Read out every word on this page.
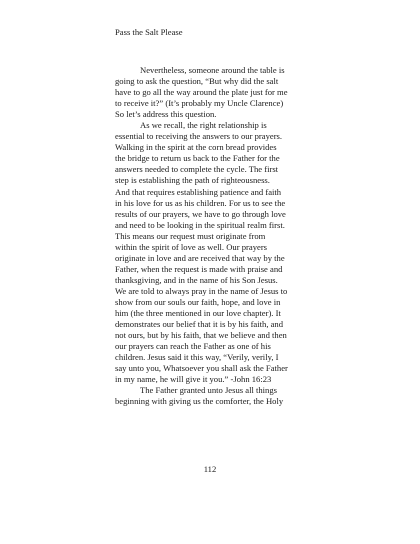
Pass the Salt Please
Nevertheless, someone around the table is
going to ask the question, “But why did the salt
have to go all the way around the plate just for me
to receive it?” (It’s probably my Uncle Clarence)
So let’s address this question.
As we recall, the right relationship is
essential to receiving the answers to our prayers.
Walking in the spirit at the corn bread provides
the bridge to return us back to the Father for the
answers needed to complete the cycle. The first
step is establishing the path of righteousness.
And that requires establishing patience and faith
in his love for us as his children. For us to see the
results of our prayers, we have to go through love
and need to be looking in the spiritual realm first.
This means our request must originate from
within the spirit of love as well. Our prayers
originate in love and are received that way by the
Father, when the request is made with praise and
thanksgiving, and in the name of his Son Jesus.
We are told to always pray in the name of Jesus to
show from our souls our faith, hope, and love in
him (the three mentioned in our love chapter). It
demonstrates our belief that it is by his faith, and
not ours, but by his faith, that we believe and then
our prayers can reach the Father as one of his
children. Jesus said it this way, “Verily, verily, I
say unto you, Whatsoever you shall ask the Father
in my name, he will give it you.” -John 16:23
The Father granted unto Jesus all things
beginning with giving us the comforter, the Holy
112
